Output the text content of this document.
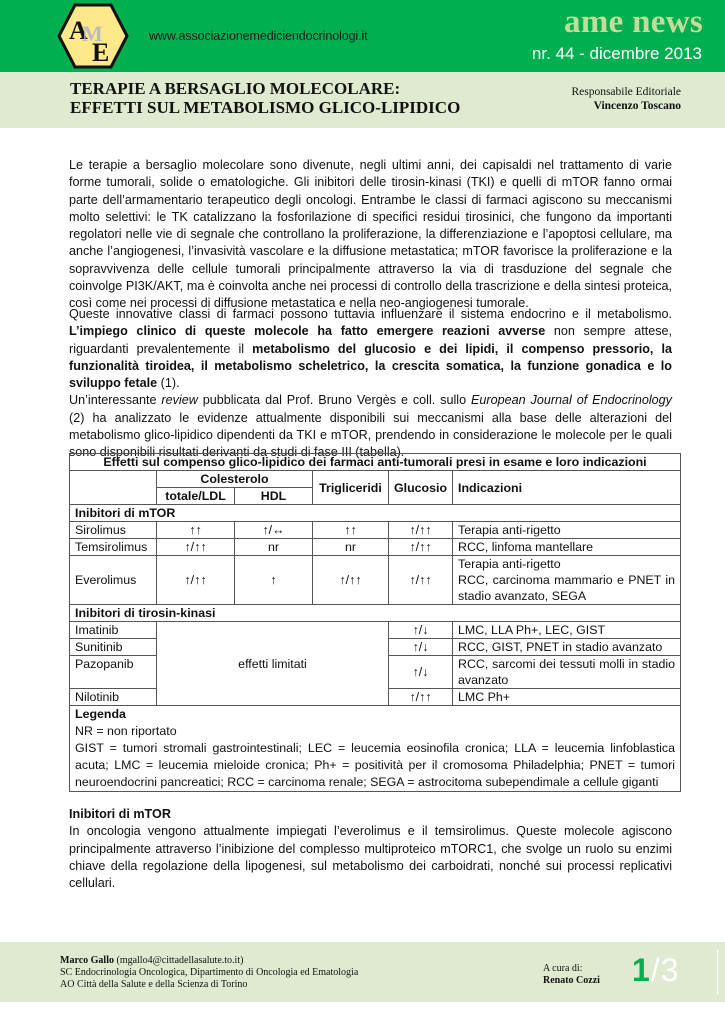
A
M
E
www.associazionemediciendocrinologi.it	ame news
nr. 44 - dicembre 2013
TERAPIE A BERSAGLIO MOLECOLARE:
EFFETTI SUL METABOLISMO GLICO-LIPIDICO
Responsabile Editoriale
Vincenzo Toscano

Le terapie a bersaglio molecolare sono divenute, negli ultimi anni, dei capisaldi nel trattamento di varie forme tumorali, solide o ematologiche. Gli inibitori delle tirosin-kinasi (TKI) e quelli di mTOR fanno ormai parte dell’armamentario terapeutico degli oncologi. Entrambe le classi di farmaci agiscono su meccanismi molto selettivi: le TK catalizzano la fosforilazione di specifici residui tirosinici, che fungono da importanti regolatori nelle vie di segnale che controllano la proliferazione, la differenziazione e l’apoptosi cellulare, ma anche l’angiogenesi, l’invasività vascolare e la diffusione metastatica; mTOR favorisce la proliferazione e la sopravvivenza delle cellule tumorali principalmente attraverso la via di trasduzione del segnale che coinvolge PI3K/AKT, ma è coinvolta anche nei processi di controllo della trascrizione e della sintesi proteica, così come nei processi di diffusione metastatica e nella neo-angiogenesi tumorale.

Queste innovative classi di farmaci possono tuttavia influenzare il sistema endocrino e il metabolismo. L’impiego clinico di queste molecole ha fatto emergere reazioni avverse non sempre attese, riguardanti prevalentemente il metabolismo del glucosio e dei lipidi, il compenso pressorio, la funzionalità tiroidea, il metabolismo scheletrico, la crescita somatica, la funzione gonadica e lo sviluppo fetale (1).

Un’interessante review pubblicata dal Prof. Bruno Vergès e coll. sullo European Journal of Endocrinology (2) ha analizzato le evidenze attualmente disponibili sui meccanismi alla base delle alterazioni del metabolismo glico-lipidico dipendenti da TKI e mTOR, prendendo in considerazione le molecole per le quali sono disponibili risultati derivanti da studi di fase III (tabella).

Effetti sul compenso glico-lipidico dei farmaci anti-tumorali presi in esame e loro indicazioni					
	Colesterolo		Trigliceridi	Glucosio	Indicazioni
	totale/LDL	HDL			
Inibitori di mTOR					
Sirolimus	↑↑	↑/↔	↑↑	↑/↑↑	Terapia anti-rigetto
Temsirolimus	↑/↑↑	nr	nr	↑/↑↑	RCC, linfoma mantellare
Everolimus	↑/↑↑	↑	↑/↑↑	↑/↑↑	Terapia anti-rigetto
RCC, carcinoma mammario e PNET in stadio avanzato, SEGA

Inibitori di tirosin-kinasi					
Imatinib	effetti limitati			↑/↓	LMC, LLA Ph+, LEC, GIST
Sunitinib				↑/↓	RCC, GIST, PNET in stadio avanzato
Pazopanib				↑/↓	RCC, sarcomi dei tessuti molli in stadio avanzato
Nilotinib				↑/↑↑	LMC Ph+

Legenda
NR = non riportato
GIST = tumori stromali gastrointestinali; LEC = leucemia eosinofila cronica; LLA = leucemia linfoblastica acuta; LMC = leucemia mieloide cronica; Ph+ = positività per il cromosoma Philadelphia; PNET = tumori neuroendocrini pancreatici; RCC = carcinoma renale; SEGA = astrocitoma subependimale a cellule giganti					

Inibitori di mTOR

In oncologia vengono attualmente impiegati l’everolimus e il temsirolimus. Queste molecole agiscono principalmente attraverso l’inibizione del complesso multiproteico mTORC1, che svolge un ruolo su enzimi chiave della regolazione della lipogenesi, sul metabolismo dei carboidrati, nonché sui processi replicativi cellulari.

Marco Gallo (mgallo4@cittadellasalute.to.it)
SC Endocrinologia Oncologica, Dipartimento di Oncologia ed Ematologia
AO Città della Salute e della Scienza di Torino
A cura di:
Renato Cozzi 1/3
